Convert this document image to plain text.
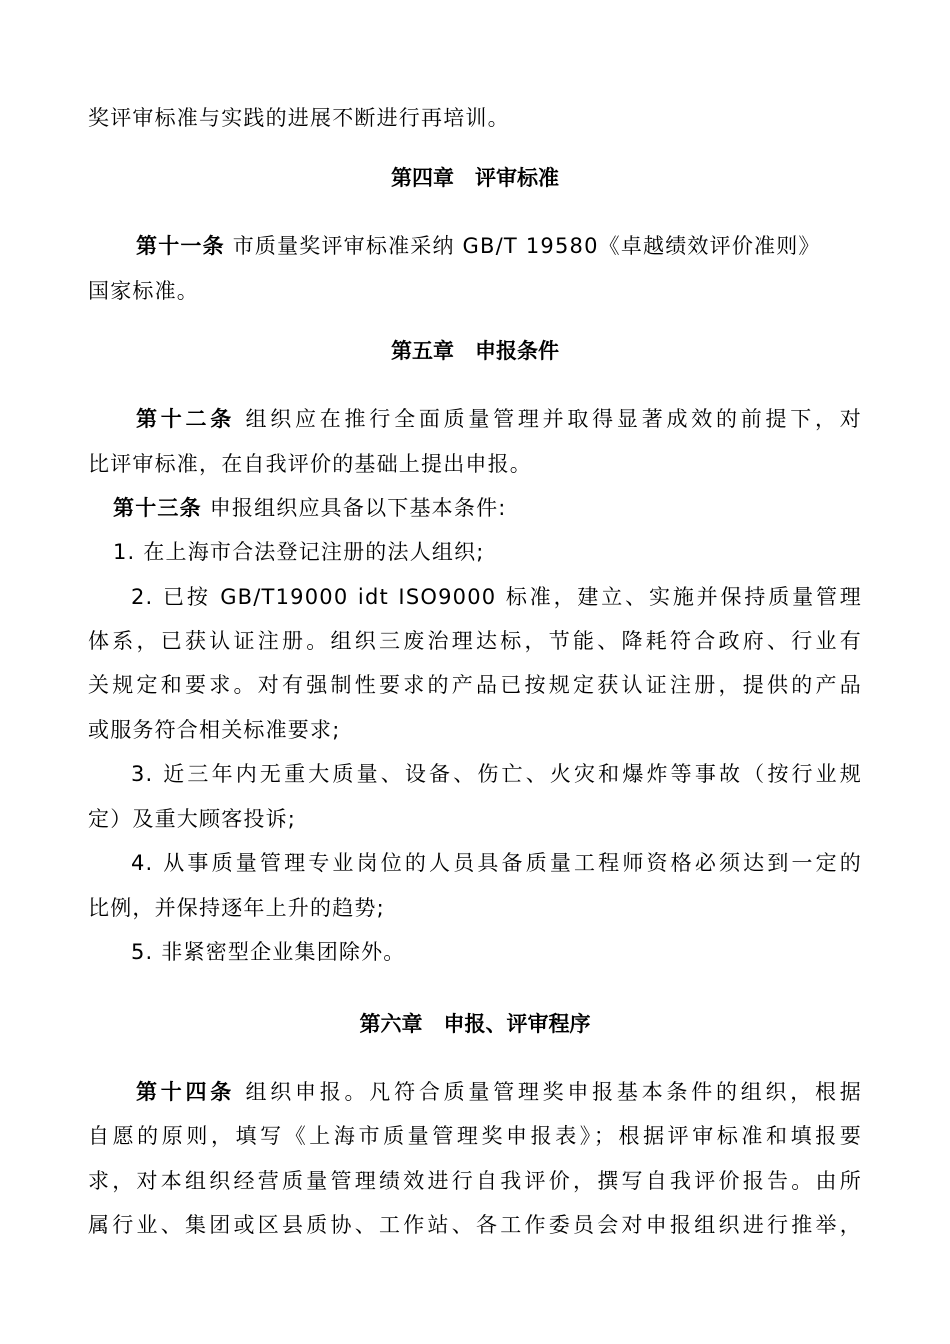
奖评审标准与实践的进展不断进行再培训。
第四章　评审标准
第十一条 市质量奖评审标准采纳 GB/T 19580《卓越绩效评价准则》
国家标准。
第五章　申报条件
第十二条 组织应在推行全面质量管理并取得显著成效的前提下，对
比评审标准，在自我评价的基础上提出申报。
第十三条 申报组织应具备以下基本条件:
1. 在上海市合法登记注册的法人组织;
2. 已按 GB/T19000 idt ISO9000 标准，建立、实施并保持质量管理
体系，已获认证注册。组织三废治理达标，节能、降耗符合政府、行业有
关规定和要求。对有强制性要求的产品已按规定获认证注册，提供的产品
或服务符合相关标准要求;
3. 近三年内无重大质量、设备、伤亡、火灾和爆炸等事故（按行业规
定）及重大顾客投诉;
4. 从事质量管理专业岗位的人员具备质量工程师资格必须达到一定的
比例，并保持逐年上升的趋势;
5. 非紧密型企业集团除外。
第六章　申报、评审程序
第十四条 组织申报。凡符合质量管理奖申报基本条件的组织，根据
自愿的原则，填写《上海市质量管理奖申报表》；根据评审标准和填报要
求，对本组织经营质量管理绩效进行自我评价，撰写自我评价报告。由所
属行业、集团或区县质协、工作站、各工作委员会对申报组织进行推举，
